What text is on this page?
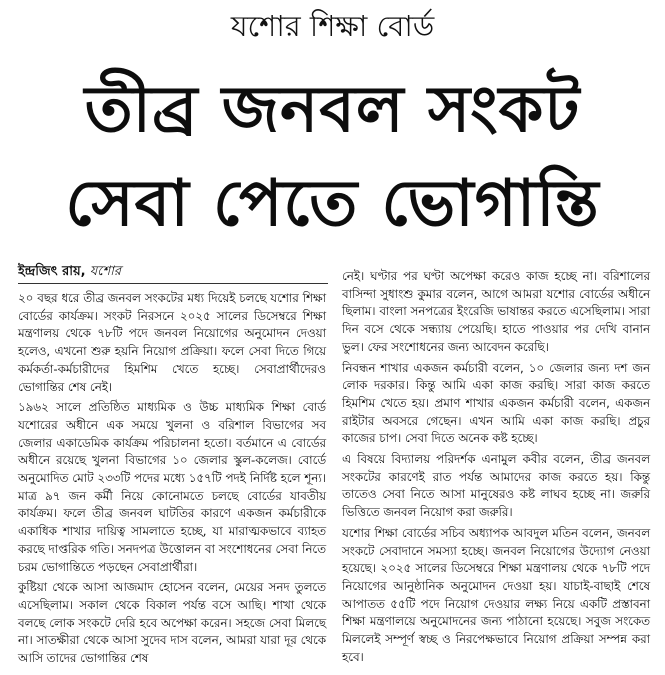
যশোর শিক্ষা বোর্ড
তীব্র জনবল সংকট
সেবা পেতে ভোগান্তি
ইন্দ্রজিৎ রায়, যশোর

২০ বছর ধরে তীব্র জনবল সংকটের মধ্য দিয়েই চলছে যশোর শিক্ষা বোর্ডের কার্যক্রম। সংকট নিরসনে ২০২৫ সালের ডিসেম্বরে শিক্ষা মন্ত্রণালয় থেকে ৭৮টি পদে জনবল নিয়োগের অনুমোদন দেওয়া হলেও, এখনো শুরু হয়নি নিয়োগ প্রক্রিয়া। ফলে সেবা দিতে গিয়ে কর্মকর্তা-কর্মচারীদের হিমশিম খেতে হচ্ছে। সেবাপ্রার্থীদেরও ভোগান্তির শেষ নেই।

১৯৬২ সালে প্রতিষ্ঠিত মাধ্যমিক ও উচ্চ মাধ্যমিক শিক্ষা বোর্ড যশোরের অধীনে এক সময়ে খুলনা ও বরিশাল বিভাগের সব জেলার একাডেমিক কার্যক্রম পরিচালনা হতো। বর্তমানে এ বোর্ডের অধীনে রয়েছে খুলনা বিভাগের ১০ জেলার স্কুল-কলেজ। বোর্ডে অনুমোদিত মোট ২৩৩টি পদের মধ্যে ১৫৭টি পদই নির্দিষ্ট হলে শূন্য। মাত্র ৯৭ জন কর্মী নিয়ে কোনোমতে চলছে বোর্ডের যাবতীয় কার্যক্রম। ফলে তীব্র জনবল ঘাটতির কারণে একজন কর্মচারীকে একাধিক শাখার দায়িত্ব সামলাতে হচ্ছে, যা মারাত্মকভাবে ব্যাহত করছে দাপ্তরিক গতি। সনদপত্র উত্তোলন বা সংশোধনের সেবা নিতে চরম ভোগান্তিতে পড়ছেন সেবাপ্রার্থীরা।

কুষ্টিয়া থেকে আসা আজমাদ হোসেন বলেন, মেয়ের সনদ তুলতে এসেছিলাম। সকাল থেকে বিকাল পর্যন্ত বসে আছি। শাখা থেকে বলছে লোক সংকটে দেরি হবে অপেক্ষা করেন। সহজে সেবা মিলছে না। সাতক্ষীরা থেকে আসা সুদেব দাস বলেন, আমরা যারা দূর থেকে আসি তাদের ভোগান্তির শেষ

নেই। ঘণ্টার পর ঘণ্টা অপেক্ষা করেও কাজ হচ্ছে না। বরিশালের বাসিন্দা সুধাংশু কুমার বলেন, আগে আমরা যশোর বোর্ডের অধীনে ছিলাম। বাংলা সনপত্রের ইংরেজি ভাষান্তর করতে এসেছিলাম। সারা দিন বসে থেকে সন্ধ্যায় পেয়েছি। হাতে পাওয়ার পর দেখি বানান ভুল। ফের সংশোধনের জন্য আবেদন করেছি।

নিবন্ধন শাখার একজন কর্মচারী বলেন, ১০ জেলার জন্য দশ জন লোক দরকার। কিন্তু আমি একা কাজ করছি। সারা কাজ করতে হিমশিম খেতে হয়। প্রমাণ শাখার একজন কর্মচারী বলেন, একজন রাইটার অবসরে গেছেন। এখন আমি একা কাজ করছি। প্রচুর কাজের চাপ। সেবা দিতে অনেক কষ্ট হচ্ছে।

এ বিষয়ে বিদ্যালয় পরিদর্শক এনামুল কবীর বলেন, তীব্র জনবল সংকটের কারণেই রাত পর্যন্ত আমাদের কাজ করতে হয়। কিন্তু তাতেও সেবা নিতে আসা মানুষেরও কষ্ট লাঘব হচ্ছে না। জরুরি ভিত্তিতে জনবল নিয়োগ করা জরুরি।

যশোর শিক্ষা বোর্ডের সচিব অধ্যাপক আবদুল মতিন বলেন, জনবল সংকটে সেবাদানে সমস্যা হচ্ছে। জনবল নিয়োগের উদ্যোগ নেওয়া হয়েছে। ২০২৫ সালের ডিসেম্বরে শিক্ষা মন্ত্রণালয় থেকে ৭৮টি পদে নিয়োগের আনুষ্ঠানিক অনুমোদন দেওয়া হয়। যাচাই-বাছাই শেষে আপাতত ৫৫টি পদে নিয়োগ দেওয়ার লক্ষ্য নিয়ে একটি প্রস্তাবনা শিক্ষা মন্ত্রণালয়ে অনুমোদনের জন্য পাঠানো হয়েছে। সবুজ সংকেত মিললেই সম্পূর্ণ স্বচ্ছ ও নিরপেক্ষভাবে নিয়োগ প্রক্রিয়া সম্পন্ন করা হবে।
